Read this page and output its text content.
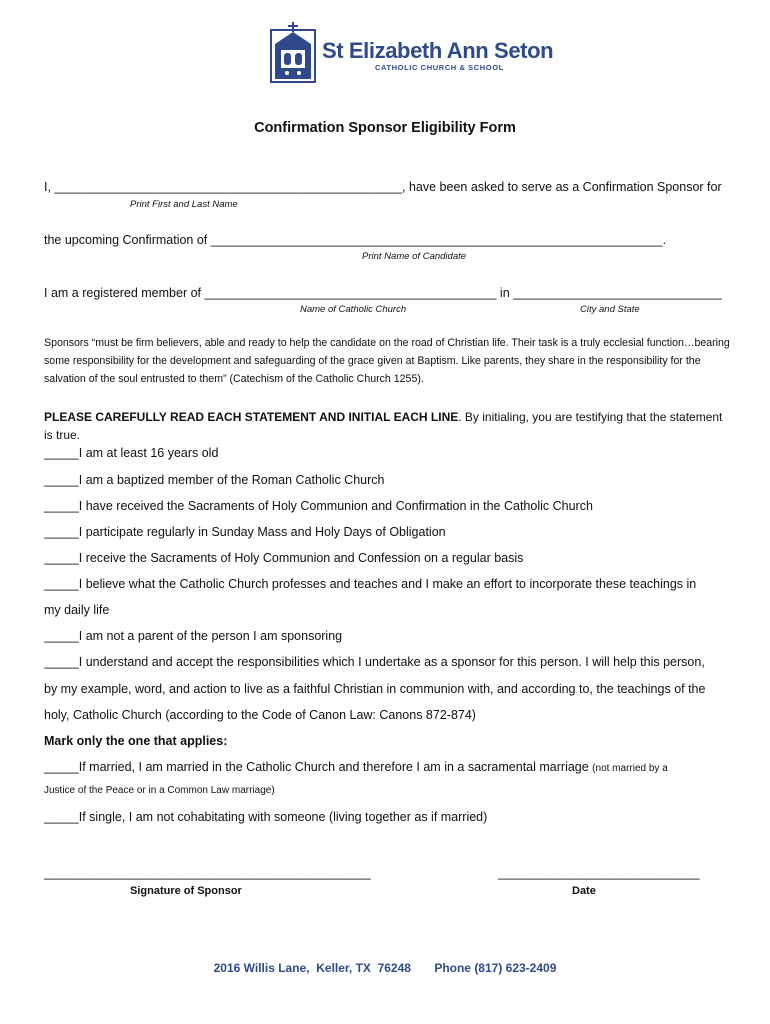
St Elizabeth Ann Seton
CATHOLIC CHURCH & SCHOOL
Confirmation Sponsor Eligibility Form
I, __________________________________________________, have been asked to serve as a Confirmation Sponsor for
Print First and Last Name
the upcoming Confirmation of _________________________________________________________________.
Print Name of Candidate
I am a registered member of __________________________________________ in ______________________________
Name of Catholic Church	City and State
Sponsors “must be firm believers, able and ready to help the candidate on the road of Christian life. Their task is a truly ecclesial function…bearing some responsibility for the development and safeguarding of the grace given at Baptism. Like parents, they share in the responsibility for the salvation of the soul entrusted to them” (Catechism of the Catholic Church 1255).
PLEASE CAREFULLY READ EACH STATEMENT AND INITIAL EACH LINE. By initialing, you are testifying that the statement is true.
_____I am at least 16 years old
_____I am a baptized member of the Roman Catholic Church
_____I have received the Sacraments of Holy Communion and Confirmation in the Catholic Church
_____I participate regularly in Sunday Mass and Holy Days of Obligation
_____I receive the Sacraments of Holy Communion and Confession on a regular basis
_____I believe what the Catholic Church professes and teaches and I make an effort to incorporate these teachings in
my daily life
_____I am not a parent of the person I am sponsoring
_____I understand and accept the responsibilities which I undertake as a sponsor for this person. I will help this person,
by my example, word, and action to live as a faithful Christian in communion with, and according to, the teachings of the
holy, Catholic Church (according to the Code of Canon Law: Canons 872-874)
Mark only the one that applies:
_____If married, I am married in the Catholic Church and therefore I am in a sacramental marriage (not married by a
Justice of the Peace or in a Common Law marriage)
_____If single, I am not cohabitating with someone (living together as if married)
_______________________________________________
Signature of Sponsor
_____________________________
Date
2016 Willis Lane,  Keller, TX  76248 Phone (817) 623-2409
